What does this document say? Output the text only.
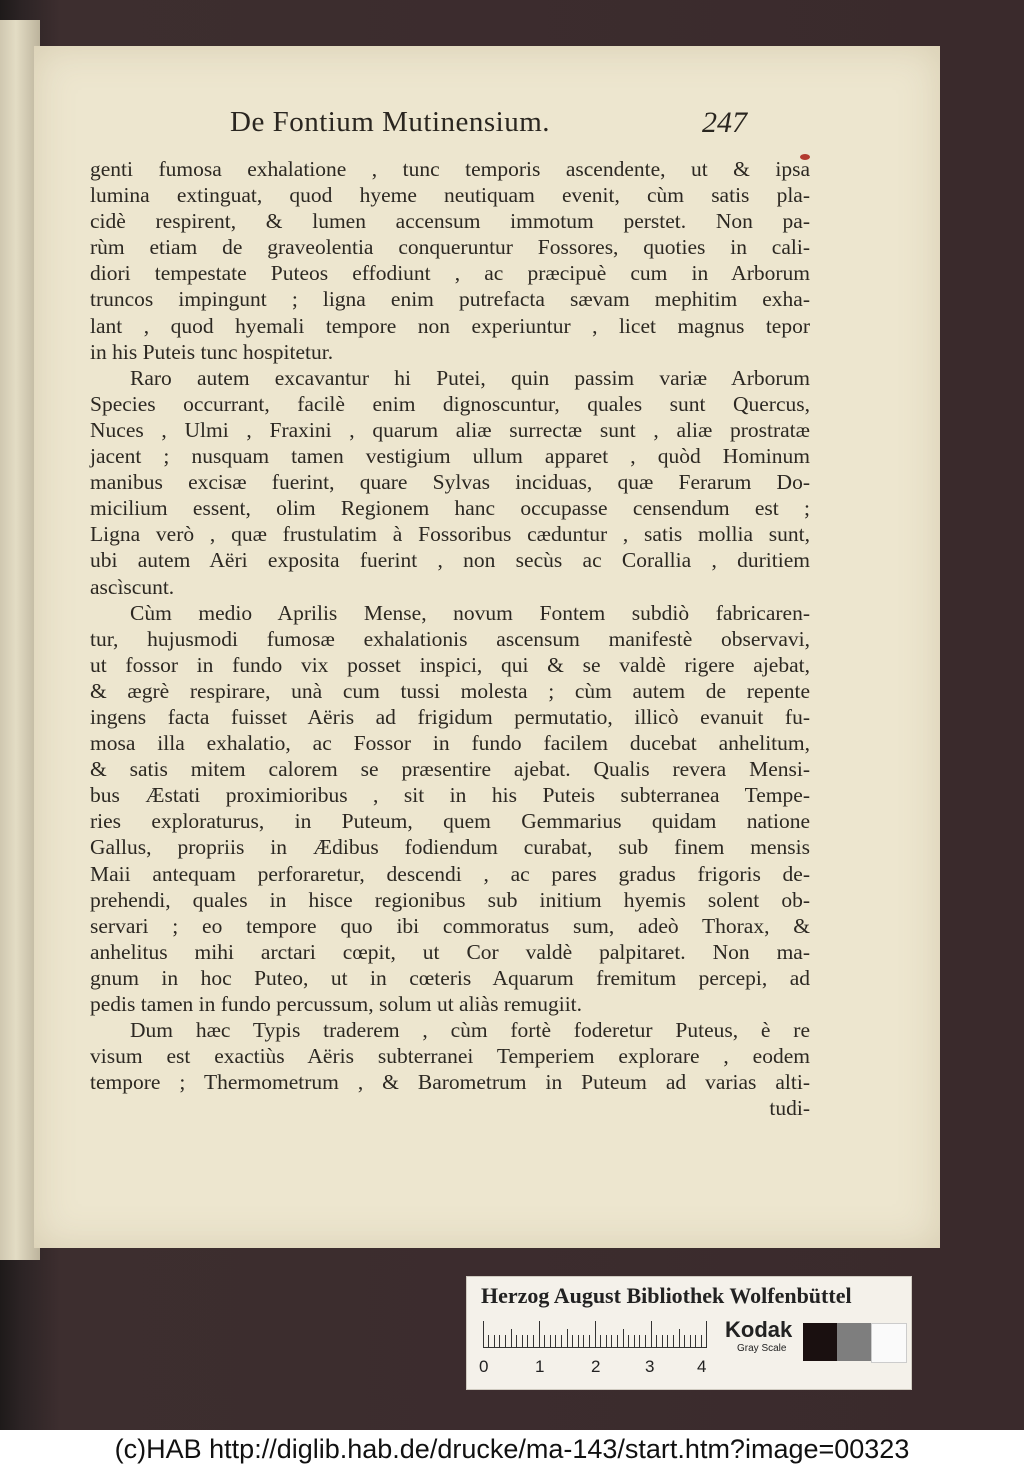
De Fontium Mutinensium.	247
genti fumosa exhalatione , tunc temporis ascendente, ut & ipsa
lumina extinguat, quod hyeme neutiquam evenit, cùm satis pla-
cidè respirent, & lumen accensum immotum perstet. Non pa-
rùm etiam de graveolentia conqueruntur Fossores, quoties in cali-
diori tempestate Puteos effodiunt , ac præcipuè cum in Arborum
truncos impingunt ; ligna enim putrefacta sævam mephitim exha-
lant , quod hyemali tempore non experiuntur , licet magnus tepor
in his Puteis tunc hospitetur.
Raro autem excavantur hi Putei, quin passim variæ Arborum
Species occurrant, facilè enim dignoscuntur, quales sunt Quercus,
Nuces , Ulmi , Fraxini , quarum aliæ surrectæ sunt , aliæ prostratæ
jacent ; nusquam tamen vestigium ullum apparet , quòd Hominum
manibus excisæ fuerint, quare Sylvas inciduas, quæ Ferarum Do-
micilium essent, olim Regionem hanc occupasse censendum est ;
Ligna verò , quæ frustulatim à Fossoribus cæduntur , satis mollia sunt,
ubi autem Aëri exposita fuerint , non secùs ac Corallia , duritiem
ascìscunt.
Cùm medio Aprilis Mense, novum Fontem subdiò fabricaren-
tur, hujusmodi fumosæ exhalationis ascensum manifestè observavi,
ut fossor in fundo vix posset inspici, qui & se valdè rigere ajebat,
& ægrè respirare, unà cum tussi molesta ; cùm autem de repente
ingens facta fuisset Aëris ad frigidum permutatio, illicò evanuit fu-
mosa illa exhalatio, ac Fossor in fundo facilem ducebat anhelitum,
& satis mitem calorem se præsentire ajebat. Qualis revera Mensi-
bus Æstati proximioribus , sit in his Puteis subterranea Tempe-
ries exploraturus, in Puteum, quem Gemmarius quidam natione
Gallus, propriis in Ædibus fodiendum curabat, sub finem mensis
Maii antequam perforaretur, descendi , ac pares gradus frigoris de-
prehendi, quales in hisce regionibus sub initium hyemis solent ob-
servari ; eo tempore quo ibi commoratus sum, adeò Thorax, &
anhelitus mihi arctari cœpit, ut Cor valdè palpitaret. Non ma-
gnum in hoc Puteo, ut in cœteris Aquarum fremitum percepi, ad
pedis tamen in fundo percussum, solum ut aliàs remugiit.
Dum hæc Typis traderem , cùm fortè foderetur Puteus, è re
visum est exactiùs Aëris subterranei Temperiem explorare , eodem
tempore ; Thermometrum , & Barometrum in Puteum ad varias alti-
tudi-
Herzog August Bibliothek Wolfenbüttel
0	1	2	3	4
Kodak
Gray Scale
(c)HAB http://diglib.hab.de/drucke/ma-143/start.htm?image=00323
